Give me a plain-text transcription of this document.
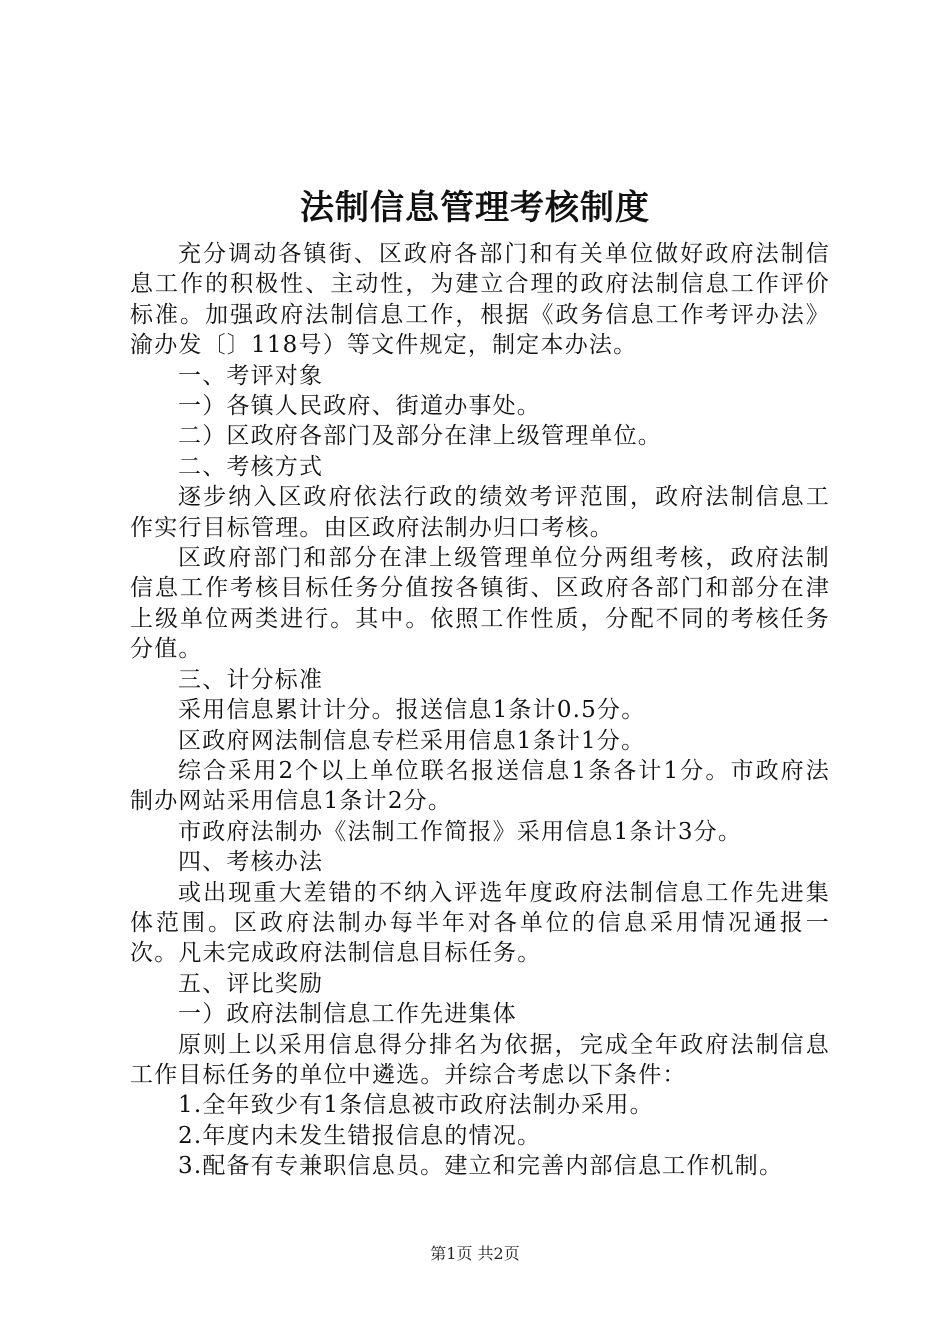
法制信息管理考核制度

充分调动各镇街、区政府各部门和有关单位做好政府法制信息工作的积极性、主动性，为建立合理的政府法制信息工作评价标准。加强政府法制信息工作，根据《政务信息工作考评办法》渝办发〔〕118号）等文件规定，制定本办法。

一、考评对象

一）各镇人民政府、街道办事处。

二）区政府各部门及部分在津上级管理单位。

二、考核方式

逐步纳入区政府依法行政的绩效考评范围，政府法制信息工作实行目标管理。由区政府法制办归口考核。

区政府部门和部分在津上级管理单位分两组考核，政府法制信息工作考核目标任务分值按各镇街、区政府各部门和部分在津上级单位两类进行。其中。依照工作性质，分配不同的考核任务分值。

三、计分标准

采用信息累计计分。报送信息1条计0.5分。

区政府网法制信息专栏采用信息1条计1分。

综合采用2个以上单位联名报送信息1条各计1分。市政府法制办网站采用信息1条计2分。

市政府法制办《法制工作简报》采用信息1条计3分。

四、考核办法

或出现重大差错的不纳入评选年度政府法制信息工作先进集体范围。区政府法制办每半年对各单位的信息采用情况通报一次。凡未完成政府法制信息目标任务。

五、评比奖励

一）政府法制信息工作先进集体

原则上以采用信息得分排名为依据，完成全年政府法制信息工作目标任务的单位中遴选。并综合考虑以下条件：

1.全年致少有1条信息被市政府法制办采用。

2.年度内未发生错报信息的情况。

3.配备有专兼职信息员。建立和完善内部信息工作机制。

第1页 共2页
